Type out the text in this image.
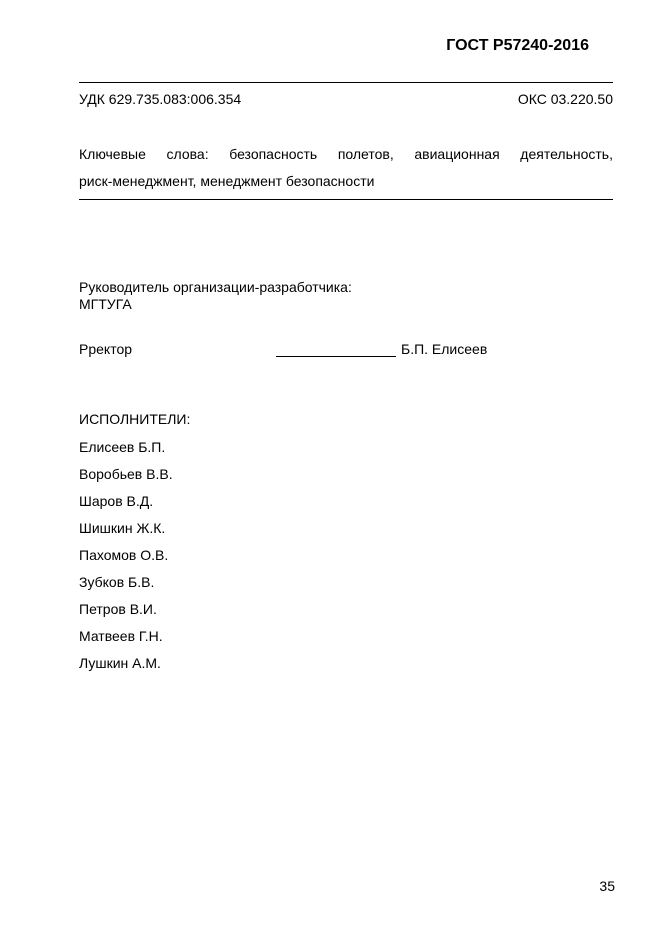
ГОСТ Р57240-2016
УДК 629.735.083:006.354	ОКС 03.220.50
Ключевые слова: безопасность полетов, авиационная деятельность,
риск-менеджмент, менеджмент безопасности
Руководитель организации-разработчика:
МГТУГА
Рректор	Б.П. Елисеев
ИСПОЛНИТЕЛИ:
Елисеев Б.П.
Воробьев В.В.
Шаров В.Д.
Шишкин Ж.К.
Пахомов О.В.
Зубков Б.В.
Петров В.И.
Матвеев Г.Н.
Лушкин А.М.
35
